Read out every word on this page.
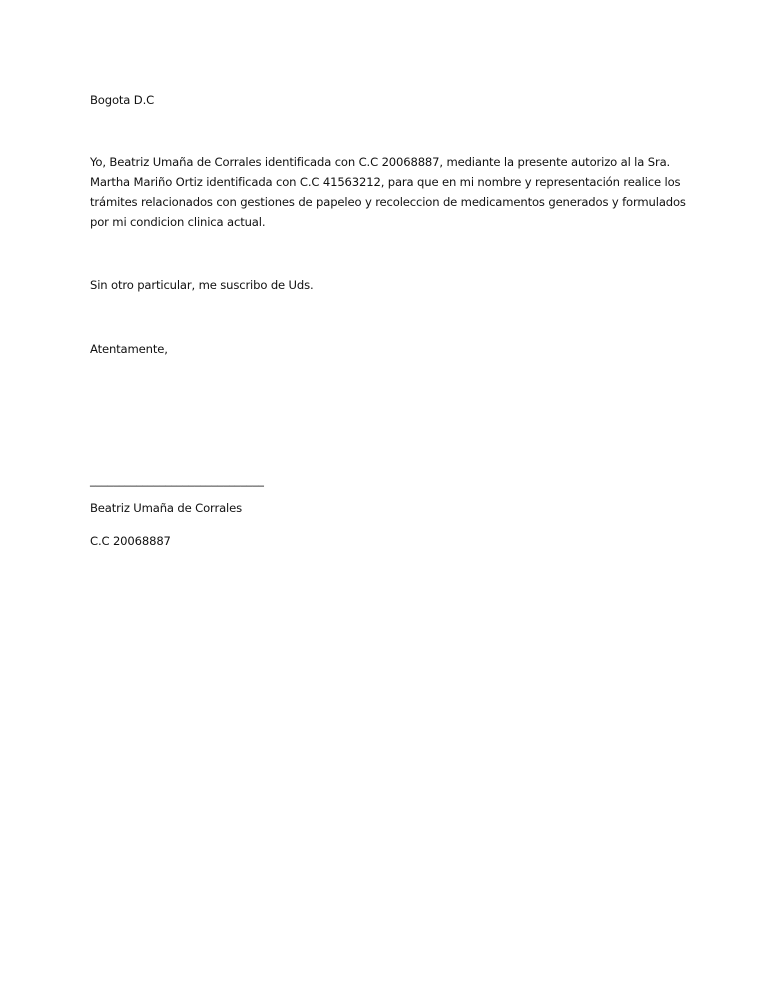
Bogota D.C
Yo, Beatriz Umaña de Corrales identificada con C.C 20068887, mediante la presente autorizo al la Sra.
Martha Mariño Ortiz identificada con C.C 41563212, para que en mi nombre y representación realice los
trámites relacionados con gestiones de papeleo y recoleccion de medicamentos generados y formulados
por mi condicion clinica actual.
Sin otro particular, me suscribo de Uds.
Atentamente,
______________________________
Beatriz Umaña de Corrales
C.C 20068887
